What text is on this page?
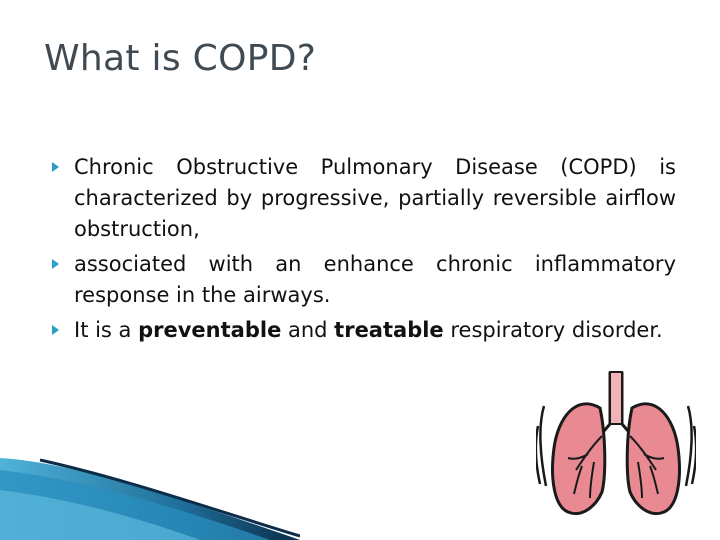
What is COPD?
Chronic Obstructive Pulmonary Disease (COPD) is characterized by progressive, partially reversible airflow obstruction,
associated with an enhance chronic inflammatory response in the airways.
It is a preventable and treatable respiratory disorder.
